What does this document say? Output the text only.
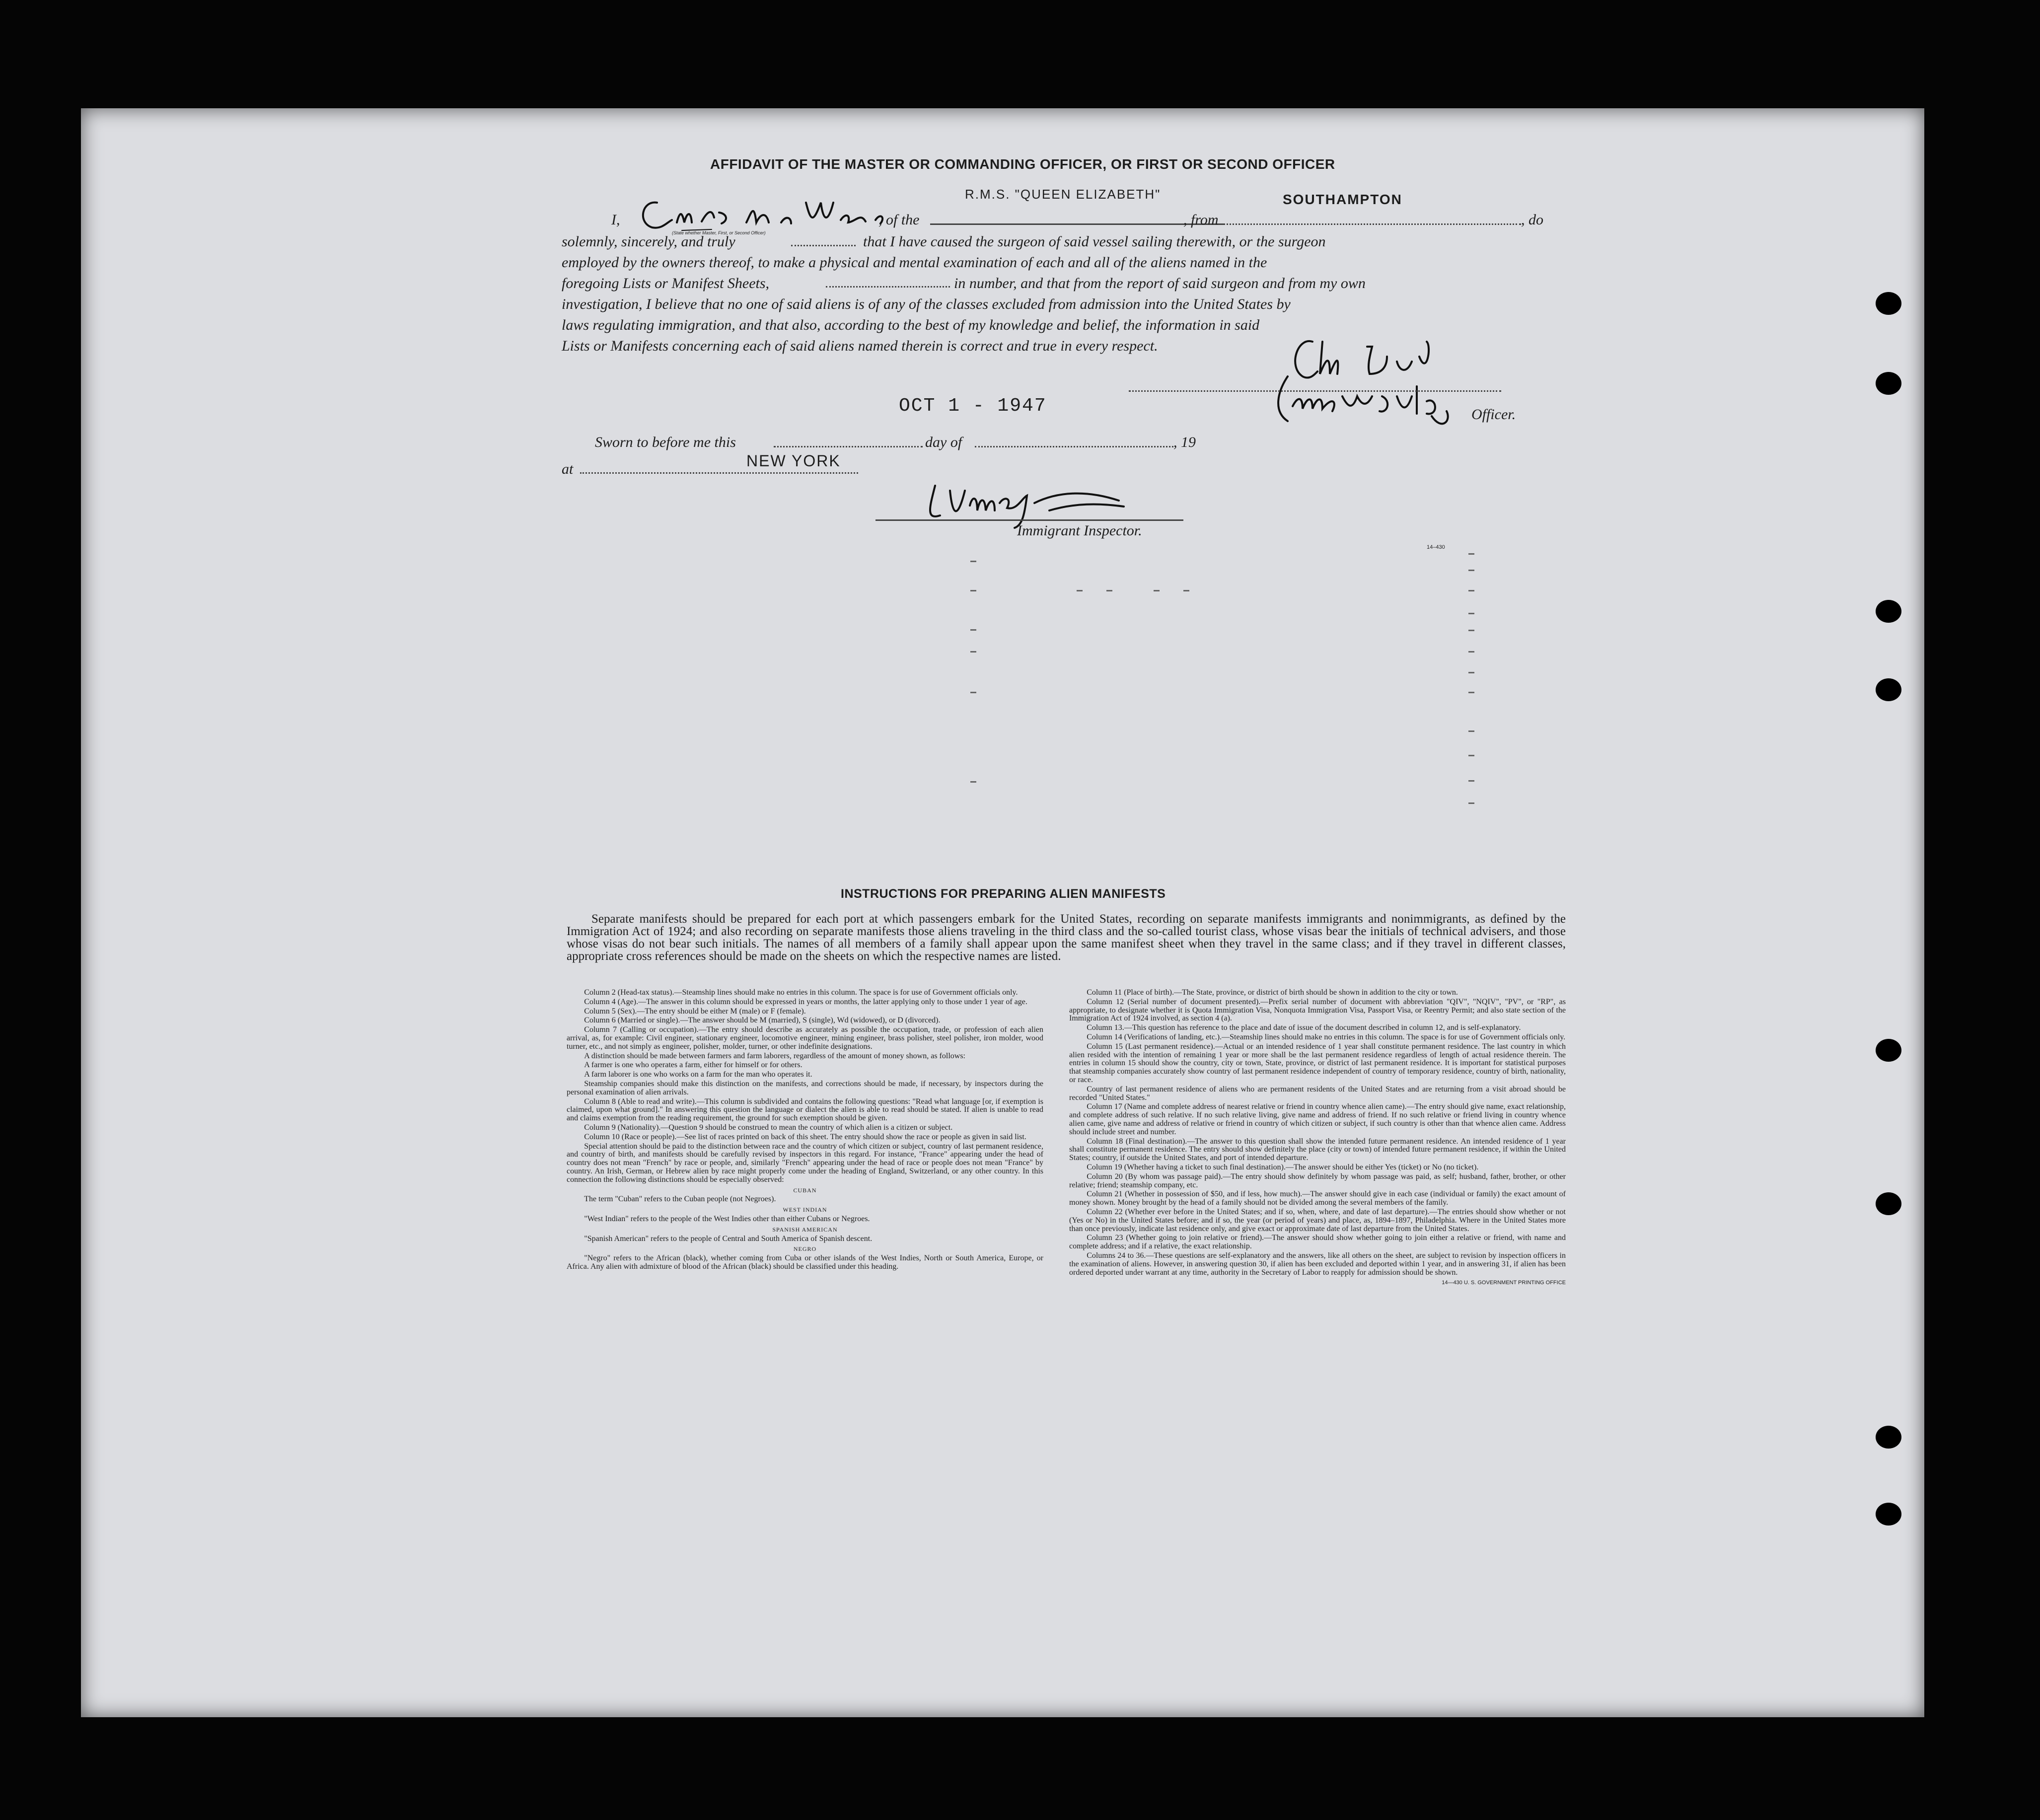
AFFIDAVIT OF THE MASTER OR COMMANDING OFFICER, OR FIRST OR SECOND OFFICER
I,
(State whether Master, First, or Second Officer)
, of the
R.M.S. "QUEEN ELIZABETH"
, from
SOUTHAMPTON
, do
solemnly, sincerely, and truly	that I have caused the surgeon of said vessel sailing therewith, or the surgeon
employed by the owners thereof, to make a physical and mental examination of each and all of the aliens named in the
foregoing Lists or Manifest Sheets,	in number, and that from the report of said surgeon and from my own
investigation, I believe that no one of said aliens is of any of the classes excluded from admission into the United States by
laws regulating immigration, and that also, according to the best of my knowledge and belief, the information in said
Lists or Manifests concerning each of said aliens named therein is correct and true in every respect.
Officer.
OCT 1 - 1947
Sworn to before me this	day of	, 19
at	NEW YORK
Immigrant Inspector.
14–430
INSTRUCTIONS FOR PREPARING ALIEN MANIFESTS
Separate manifests should be prepared for each port at which passengers embark for the United States, recording on separate manifests immigrants and nonimmigrants, as defined by the Immigration Act of 1924; and also recording on separate manifests those aliens traveling in the third class and the so-called tourist class, whose visas bear the initials of technical advisers, and those whose visas do not bear such initials. The names of all members of a family shall appear upon the same manifest sheet when they travel in the same class; and if they travel in different classes, appropriate cross references should be made on the sheets on which the respective names are listed.

Column 2 (Head-tax status).—Steamship lines should make no entries in this column. The space is for use of Government officials only.

Column 4 (Age).—The answer in this column should be expressed in years or months, the latter applying only to those under 1 year of age.

Column 5 (Sex).—The entry should be either M (male) or F (female).

Column 6 (Married or single).—The answer should be M (married), S (single), Wd (widowed), or D (divorced).

Column 7 (Calling or occupation).—The entry should describe as accurately as possible the occupation, trade, or profession of each alien arrival, as, for example: Civil engineer, stationary engineer, locomotive engineer, mining engineer, brass polisher, steel polisher, iron molder, wood turner, etc., and not simply as engineer, polisher, molder, turner, or other indefinite designations.

A distinction should be made between farmers and farm laborers, regardless of the amount of money shown, as follows:

A farmer is one who operates a farm, either for himself or for others.

A farm laborer is one who works on a farm for the man who operates it.

Steamship companies should make this distinction on the manifests, and corrections should be made, if necessary, by inspectors during the personal examination of alien arrivals.

Column 8 (Able to read and write).—This column is subdivided and contains the following questions: "Read what language [or, if exemption is claimed, upon what ground]." In answering this question the language or dialect the alien is able to read should be stated. If alien is unable to read and claims exemption from the reading requirement, the ground for such exemption should be given.

Column 9 (Nationality).—Question 9 should be construed to mean the country of which alien is a citizen or subject.

Column 10 (Race or people).—See list of races printed on back of this sheet. The entry should show the race or people as given in said list.

Special attention should be paid to the distinction between race and the country of which citizen or subject, country of last permanent residence, and country of birth, and manifests should be carefully revised by inspectors in this regard. For instance, "France" appearing under the head of country does not mean "French" by race or people, and, similarly "French" appearing under the head of race or people does not mean "France" by country. An Irish, German, or Hebrew alien by race might properly come under the heading of England, Switzerland, or any other country. In this connection the following distinctions should be especially observed:

CUBAN

The term "Cuban" refers to the Cuban people (not Negroes).

WEST INDIAN

"West Indian" refers to the people of the West Indies other than either Cubans or Negroes.

SPANISH AMERICAN

"Spanish American" refers to the people of Central and South America of Spanish descent.

NEGRO

"Negro" refers to the African (black), whether coming from Cuba or other islands of the West Indies, North or South America, Europe, or Africa. Any alien with admixture of blood of the African (black) should be classified under this heading.

Column 11 (Place of birth).—The State, province, or district of birth should be shown in addition to the city or town.

Column 12 (Serial number of document presented).—Prefix serial number of document with abbreviation "QIV", "NQIV", "PV", or "RP", as appropriate, to designate whether it is Quota Immigration Visa, Nonquota Immigration Visa, Passport Visa, or Reentry Permit; and also state section of the Immigration Act of 1924 involved, as section 4 (a).

Column 13.—This question has reference to the place and date of issue of the document described in column 12, and is self-explanatory.

Column 14 (Verifications of landing, etc.).—Steamship lines should make no entries in this column. The space is for use of Government officials only.

Column 15 (Last permanent residence).—Actual or an intended residence of 1 year shall constitute permanent residence. The last country in which alien resided with the intention of remaining 1 year or more shall be the last permanent residence regardless of length of actual residence therein. The entries in column 15 should show the country, city or town, State, province, or district of last permanent residence. It is important for statistical purposes that steamship companies accurately show country of last permanent residence independent of country of temporary residence, country of birth, nationality, or race.

Country of last permanent residence of aliens who are permanent residents of the United States and are returning from a visit abroad should be recorded "United States."

Column 17 (Name and complete address of nearest relative or friend in country whence alien came).—The entry should give name, exact relationship, and complete address of such relative. If no such relative living, give name and address of friend. If no such relative or friend living in country whence alien came, give name and address of relative or friend in country of which citizen or subject, if such country is other than that whence alien came. Address should include street and number.

Column 18 (Final destination).—The answer to this question shall show the intended future permanent residence. An intended residence of 1 year shall constitute permanent residence. The entry should show definitely the place (city or town) of intended future permanent residence, if within the United States; country, if outside the United States, and port of intended departure.

Column 19 (Whether having a ticket to such final destination).—The answer should be either Yes (ticket) or No (no ticket).

Column 20 (By whom was passage paid).—The entry should show definitely by whom passage was paid, as self; husband, father, brother, or other relative; friend; steamship company, etc.

Column 21 (Whether in possession of $50, and if less, how much).—The answer should give in each case (individual or family) the exact amount of money shown. Money brought by the head of a family should not be divided among the several members of the family.

Column 22 (Whether ever before in the United States; and if so, when, where, and date of last departure).—The entries should show whether or not (Yes or No) in the United States before; and if so, the year (or period of years) and place, as, 1894–1897, Philadelphia. Where in the United States more than once previously, indicate last residence only, and give exact or approximate date of last departure from the United States.

Column 23 (Whether going to join relative or friend).—The answer should show whether going to join either a relative or friend, with name and complete address; and if a relative, the exact relationship.

Columns 24 to 36.—These questions are self-explanatory and the answers, like all others on the sheet, are subject to revision by inspection officers in the examination of aliens. However, in answering question 30, if alien has been excluded and deported within 1 year, and in answering 31, if alien has been ordered deported under warrant at any time, authority in the Secretary of Labor to reapply for admission should be shown.

14—430 U. S. GOVERNMENT PRINTING OFFICE
